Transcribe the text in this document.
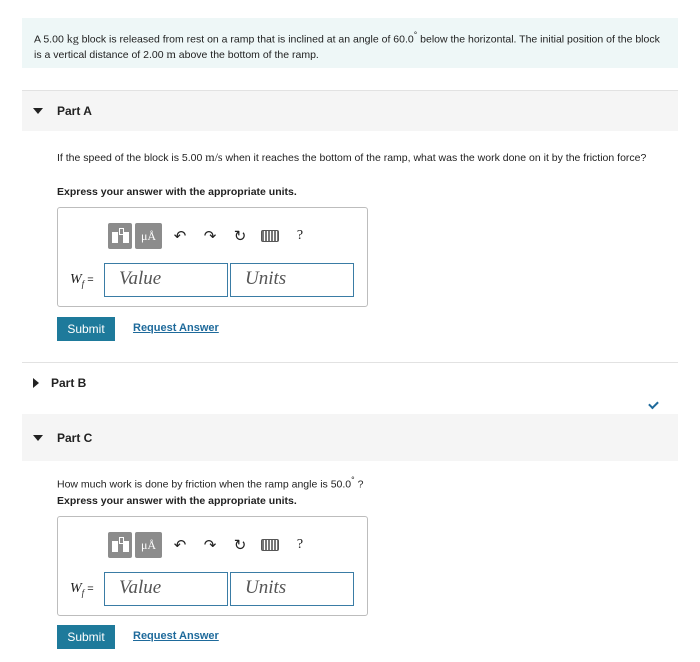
A 5.00 kg block is released from rest on a ramp that is inclined at an angle of 60.0° below the horizontal. The initial position of the block is a vertical distance of 2.00 m above the bottom of the ramp.
Part A
If the speed of the block is 5.00 m/s when it reaches the bottom of the ramp, what was the work done on it by the friction force?
Express your answer with the appropriate units.
μÅ	↶	↷	↻	?
$W_f$ =	Value	Units
Submit	Request Answer
Part B
Part C
How much work is done by friction when the ramp angle is 50.0° ?
Express your answer with the appropriate units.
μÅ	↶	↷	↻	?
$W_f$ =	Value	Units
Submit	Request Answer
